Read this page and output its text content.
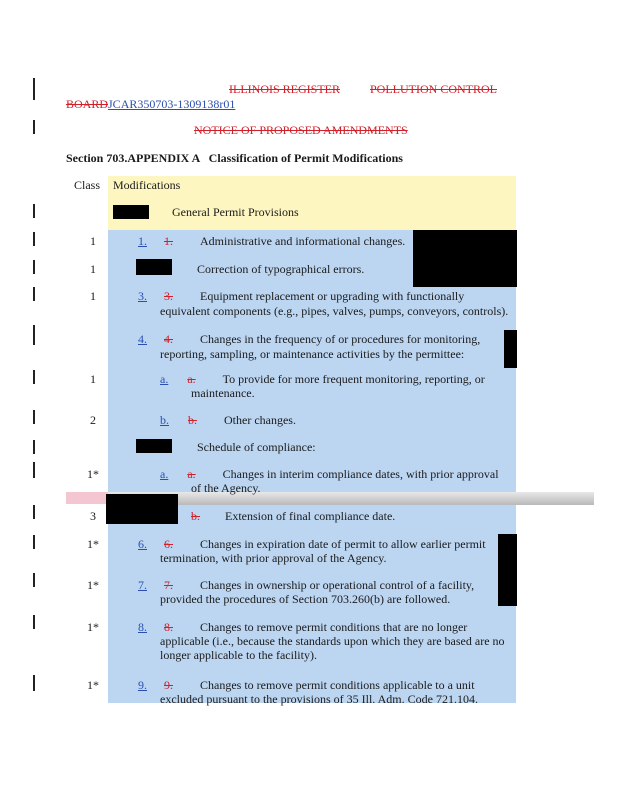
ILLINOIS REGISTER	POLLUTION CONTROL
BOARDJCAR350703-1309138r01
NOTICE OF PROPOSED AMENDMENTS
Section 703.APPENDIX A   Classification of Permit Modifications
Class Modifications
General Permit Provisions
1	1. 1. Administrative and informational changes.
1	Correction of typographical errors.
1	3. 3. Equipment replacement or upgrading with functionally
equivalent components (e.g., pipes, valves, pumps, conveyors, controls).
4. 4. Changes in the frequency of or procedures for monitoring,
reporting, sampling, or maintenance activities by the permittee:
1	a. a. To provide for more frequent monitoring, reporting, or
maintenance.
2	b. b. Other changes.
Schedule of compliance:
1*	a. a. Changes in interim compliance dates, with prior approval
of the Agency.
3	b. Extension of final compliance date.
1*	6. 6. Changes in expiration date of permit to allow earlier permit
termination, with prior approval of the Agency.
1*	7. 7. Changes in ownership or operational control of a facility,
provided the procedures of Section 703.260(b) are followed.
1*	8. 8. Changes to remove permit conditions that are no longer
applicable (i.e., because the standards upon which they are based are no
longer applicable to the facility).
1*	9. 9. Changes to remove permit conditions applicable to a unit
excluded pursuant to the provisions of 35 Ill. Adm. Code 721.104.
